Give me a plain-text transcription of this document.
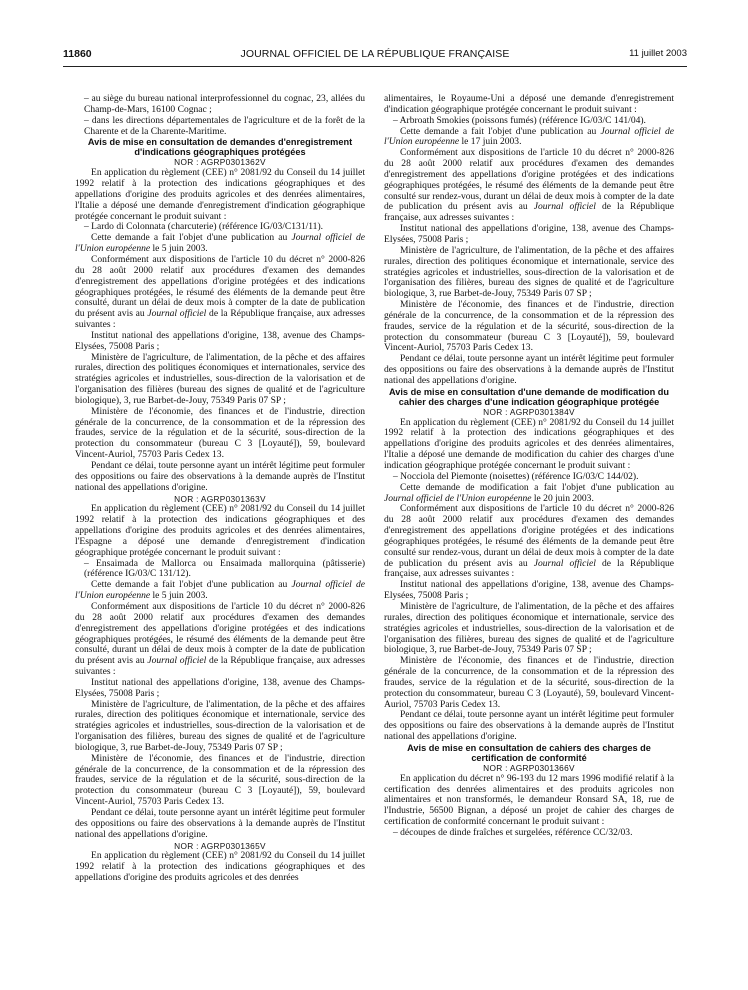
11860	JOURNAL OFFICIEL DE LA RÉPUBLIQUE FRANÇAISE	11 juillet 2003

– au siège du bureau national interprofessionnel du cognac, 23, allées du Champ-de-Mars, 16100 Cognac ;

– dans les directions départementales de l'agriculture et de la forêt de la Charente et de la Charente-Maritime.

Avis de mise en consultation de demandes d'enregistrement d'indications géographiques protégées

NOR : AGRP0301362V

En application du règlement (CEE) n° 2081/92 du Conseil du 14 juillet 1992 relatif à la protection des indications géographiques et des appellations d'origine des produits agricoles et des denrées alimentaires, l'Italie a déposé une demande d'enregistrement d'indication géographique protégée concernant le produit suivant :

– Lardo di Colonnata (charcuterie) (référence IG/03/C131/11).

Cette demande a fait l'objet d'une publication au Journal officiel de l'Union européenne le 5 juin 2003.

Conformément aux dispositions de l'article 10 du décret n° 2000-826 du 28 août 2000 relatif aux procédures d'examen des demandes d'enregistrement des appellations d'origine protégées et des indications géographiques protégées, le résumé des éléments de la demande peut être consulté, durant un délai de deux mois à compter de la date de publication du présent avis au Journal officiel de la République française, aux adresses suivantes :

Institut national des appellations d'origine, 138, avenue des Champs-Elysées, 75008 Paris ;

Ministère de l'agriculture, de l'alimentation, de la pêche et des affaires rurales, direction des politiques économiques et internationales, service des stratégies agricoles et industrielles, sous-direction de la valorisation et de l'organisation des filières (bureau des signes de qualité et de l'agriculture biologique), 3, rue Barbet-de-Jouy, 75349 Paris 07 SP ;

Ministère de l'économie, des finances et de l'industrie, direction générale de la concurrence, de la consommation et de la répression des fraudes, service de la régulation et de la sécurité, sous-direction de la protection du consommateur (bureau C 3 [Loyauté]), 59, boulevard Vincent-Auriol, 75703 Paris Cedex 13.

Pendant ce délai, toute personne ayant un intérêt légitime peut formuler des oppositions ou faire des observations à la demande auprès de l'Institut national des appellations d'origine.

NOR : AGRP0301363V

En application du règlement (CEE) n° 2081/92 du Conseil du 14 juillet 1992 relatif à la protection des indications géographiques et des appellations d'origine des produits agricoles et des denrées alimentaires, l'Espagne a déposé une demande d'enregistrement d'indication géographique protégée concernant le produit suivant :

– Ensaimada de Mallorca ou Ensaimada mallorquina (pâtisserie) (référence IG/03/C 131/12).

Cette demande a fait l'objet d'une publication au Journal officiel de l'Union européenne le 5 juin 2003.

Conformément aux dispositions de l'article 10 du décret n° 2000-826 du 28 août 2000 relatif aux procédures d'examen des demandes d'enregistrement des appellations d'origine protégées et des indications géographiques protégées, le résumé des éléments de la demande peut être consulté, durant un délai de deux mois à compter de la date de publication du présent avis au Journal officiel de la République française, aux adresses suivantes :

Institut national des appellations d'origine, 138, avenue des Champs-Elysées, 75008 Paris ;

Ministère de l'agriculture, de l'alimentation, de la pêche et des affaires rurales, direction des politiques économique et internationale, service des stratégies agricoles et industrielles, sous-direction de la valorisation et de l'organisation des filières, bureau des signes de qualité et de l'agriculture biologique, 3, rue Barbet-de-Jouy, 75349 Paris 07 SP ;

Ministère de l'économie, des finances et de l'industrie, direction générale de la concurrence, de la consommation et de la répression des fraudes, service de la régulation et de la sécurité, sous-direction de la protection du consommateur (bureau C 3 [Loyauté]), 59, boulevard Vincent-Auriol, 75703 Paris Cedex 13.

Pendant ce délai, toute personne ayant un intérêt légitime peut formuler des oppositions ou faire des observations à la demande auprès de l'Institut national des appellations d'origine.

NOR : AGRP0301365V

En application du règlement (CEE) n° 2081/92 du Conseil du 14 juillet 1992 relatif à la protection des indications géographiques et des appellations d'origine des produits agricoles et des denrées

alimentaires, le Royaume-Uni a déposé une demande d'enregistrement d'indication géographique protégée concernant le produit suivant :

– Arbroath Smokies (poissons fumés) (référence IG/03/C 141/04).

Cette demande a fait l'objet d'une publication au Journal officiel de l'Union européenne le 17 juin 2003.

Conformément aux dispositions de l'article 10 du décret n° 2000-826 du 28 août 2000 relatif aux procédures d'examen des demandes d'enregistrement des appellations d'origine protégées et des indications géographiques protégées, le résumé des éléments de la demande peut être consulté sur rendez-vous, durant un délai de deux mois à compter de la date de publication du présent avis au Journal officiel de la République française, aux adresses suivantes :

Institut national des appellations d'origine, 138, avenue des Champs-Elysées, 75008 Paris ;

Ministère de l'agriculture, de l'alimentation, de la pêche et des affaires rurales, direction des politiques économique et internationale, service des stratégies agricoles et industrielles, sous-direction de la valorisation et de l'organisation des filières, bureau des signes de qualité et de l'agriculture biologique, 3, rue Barbet-de-Jouy, 75349 Paris 07 SP ;

Ministère de l'économie, des finances et de l'industrie, direction générale de la concurrence, de la consommation et de la répression des fraudes, service de la régulation et de la sécurité, sous-direction de la protection du consommateur (bureau C 3 [Loyauté]), 59, boulevard Vincent-Auriol, 75703 Paris Cedex 13.

Pendant ce délai, toute personne ayant un intérêt légitime peut formuler des oppositions ou faire des observations à la demande auprès de l'Institut national des appellations d'origine.

Avis de mise en consultation d'une demande de modification du cahier des charges d'une indication géographique protégée

NOR : AGRP0301384V

En application du règlement (CEE) n° 2081/92 du Conseil du 14 juillet 1992 relatif à la protection des indications géographiques et des appellations d'origine des produits agricoles et des denrées alimentaires, l'Italie a déposé une demande de modification du cahier des charges d'une indication géographique protégée concernant le produit suivant :

– Nocciola del Piemonte (noisettes) (référence IG/03/C 144/02).

Cette demande de modification a fait l'objet d'une publication au Journal officiel de l'Union européenne le 20 juin 2003.

Conformément aux dispositions de l'article 10 du décret n° 2000-826 du 28 août 2000 relatif aux procédures d'examen des demandes d'enregistrement des appellations d'origine protégées et des indications géographiques protégées, le résumé des éléments de la demande peut être consulté sur rendez-vous, durant un délai de deux mois à compter de la date de publication du présent avis au Journal officiel de la République française, aux adresses suivantes :

Institut national des appellations d'origine, 138, avenue des Champs-Elysées, 75008 Paris ;

Ministère de l'agriculture, de l'alimentation, de la pêche et des affaires rurales, direction des politiques économique et internationale, service des stratégies agricoles et industrielles, sous-direction de la valorisation et de l'organisation des filières, bureau des signes de qualité et de l'agriculture biologique, 3, rue Barbet-de-Jouy, 75349 Paris 07 SP ;

Ministère de l'économie, des finances et de l'industrie, direction générale de la concurrence, de la consommation et de la répression des fraudes, service de la régulation et de la sécurité, sous-direction de la protection du consommateur, bureau C 3 (Loyauté), 59, boulevard Vincent-Auriol, 75703 Paris Cedex 13.

Pendant ce délai, toute personne ayant un intérêt légitime peut formuler des oppositions ou faire des observations à la demande auprès de l'Institut national des appellations d'origine.

Avis de mise en consultation de cahiers des charges de certification de conformité

NOR : AGRP0301366V

En application du décret n° 96-193 du 12 mars 1996 modifié relatif à la certification des denrées alimentaires et des produits agricoles non alimentaires et non transformés, le demandeur Ronsard SA, 18, rue de l'Industrie, 56500 Bignan, a déposé un projet de cahier des charges de certification de conformité concernant le produit suivant :

– découpes de dinde fraîches et surgelées, référence CC/32/03.
